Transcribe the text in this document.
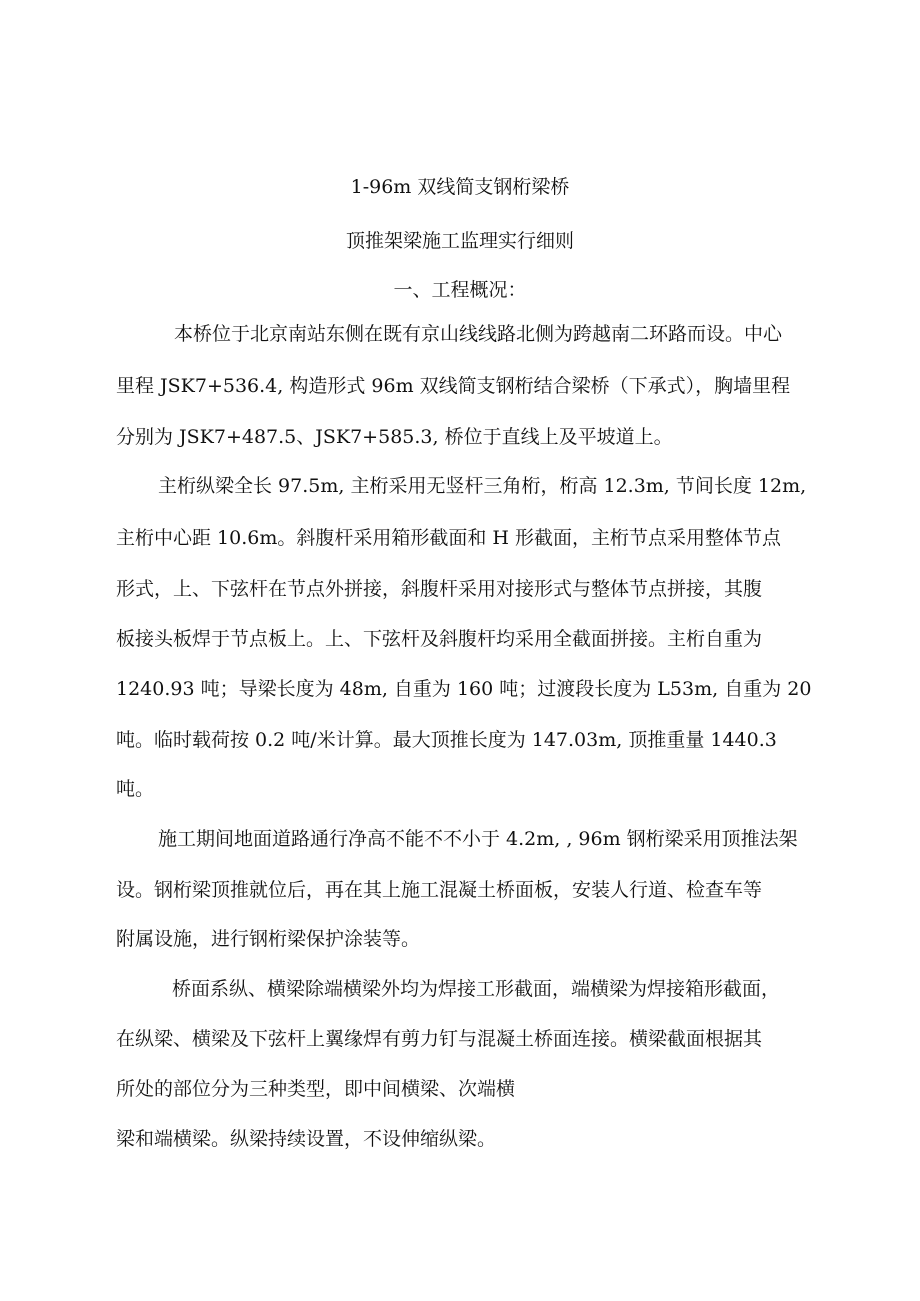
1-96m 双线简支钢桁梁桥
顶推架梁施工监理实行细则
一、工程概况：
本桥位于北京南站东侧在既有京山线线路北侧为跨越南二环路而设。中心
里程 JSK7+536.4, 构造形式 96m 双线简支钢桁结合梁桥（下承式），胸墙里程
分别为 JSK7+487.5、JSK7+585.3, 桥位于直线上及平坡道上。
主桁纵梁全长 97.5m, 主桁采用无竖杆三角桁，桁高 12.3m, 节间长度 12m,
主桁中心距 10.6m。斜腹杆采用箱形截面和 H 形截面，主桁节点采用整体节点
形式，上、下弦杆在节点外拼接，斜腹杆采用对接形式与整体节点拼接，其腹
板接头板焊于节点板上。上、下弦杆及斜腹杆均采用全截面拼接。主桁自重为
1240.93 吨；导梁长度为 48m, 自重为 160 吨；过渡段长度为 L53m, 自重为 20
吨。临时载荷按 0.2 吨/米计算。最大顶推长度为 147.03m, 顶推重量 1440.3
吨。
施工期间地面道路通行净高不能不不小于 4.2m, , 96m 钢桁梁采用顶推法架
设。钢桁梁顶推就位后，再在其上施工混凝土桥面板，安装人行道、检查车等
附属设施，进行钢桁梁保护涂装等。
桥面系纵、横梁除端横梁外均为焊接工形截面，端横梁为焊接箱形截面，
在纵梁、横梁及下弦杆上翼缘焊有剪力钉与混凝土桥面连接。横梁截面根据其
所处的部位分为三种类型，即中间横梁、次端横
梁和端横梁。纵梁持续设置，不设伸缩纵梁。
